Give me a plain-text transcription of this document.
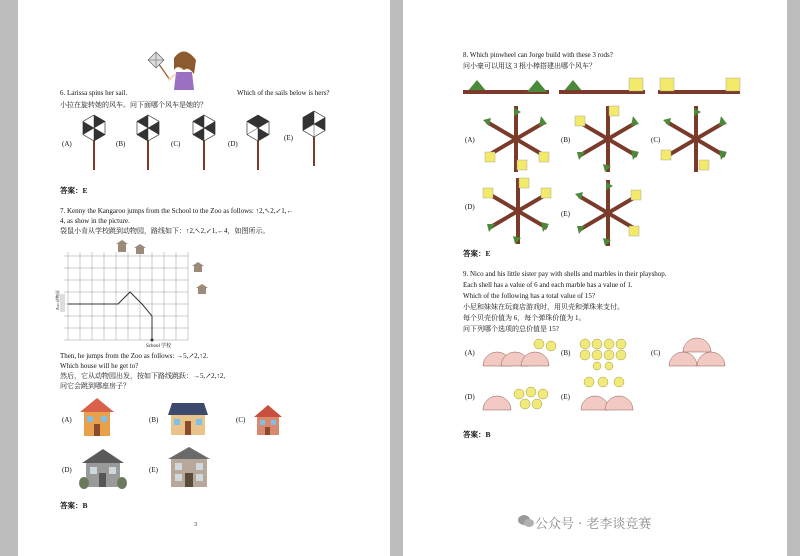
6. Larissa spins her sail.	Which of the sails below is hers?
小拉在旋转她的风车。问下面哪个风车是她的？
(A)	(B)	(C)	(D)
(E)
答案：E
7. Kenny the Kangaroo jumps from the School to the Zoo as follows: ↑2,↖2,↙1,←
4, as show in the picture.
袋鼠小肯从学校跳到动物园，路线如下：↑2,↖2,↙1,←4，如图所示。
Zoo 动物园
School 学校
Then, he jumps from the Zoo as follows: →5,↗2,↑2.
Which house will he get to?
然后，它从动物园出发，按如下路线跳跃：→5,↗2,↑2,
问它会跳到哪座房子？
(A)	(B)	(C)
(D)	(E)
答案：B
3
8. Which pinwheel can Jorge build with these 3 rods?
问小豪可以用这 3 根小棒搭建出哪个风车？
(A)	(B)	(C)
(D)
(E)
答案：E
9. Nico and his little sister pay with shells and marbles in their playshop.
Each shell has a value of 6 and each marble has a value of 1.
Which of the following has a total value of 15?
小尼和妹妹在玩商店游戏时，用贝壳和弹珠来支付。
每个贝壳价值为 6，每个弹珠价值为 1。
问下列哪个选项的总价值是 15?
(A)	(B)	(C)
(D)	(E)
答案：B
公众号 · 老李谈竞赛
